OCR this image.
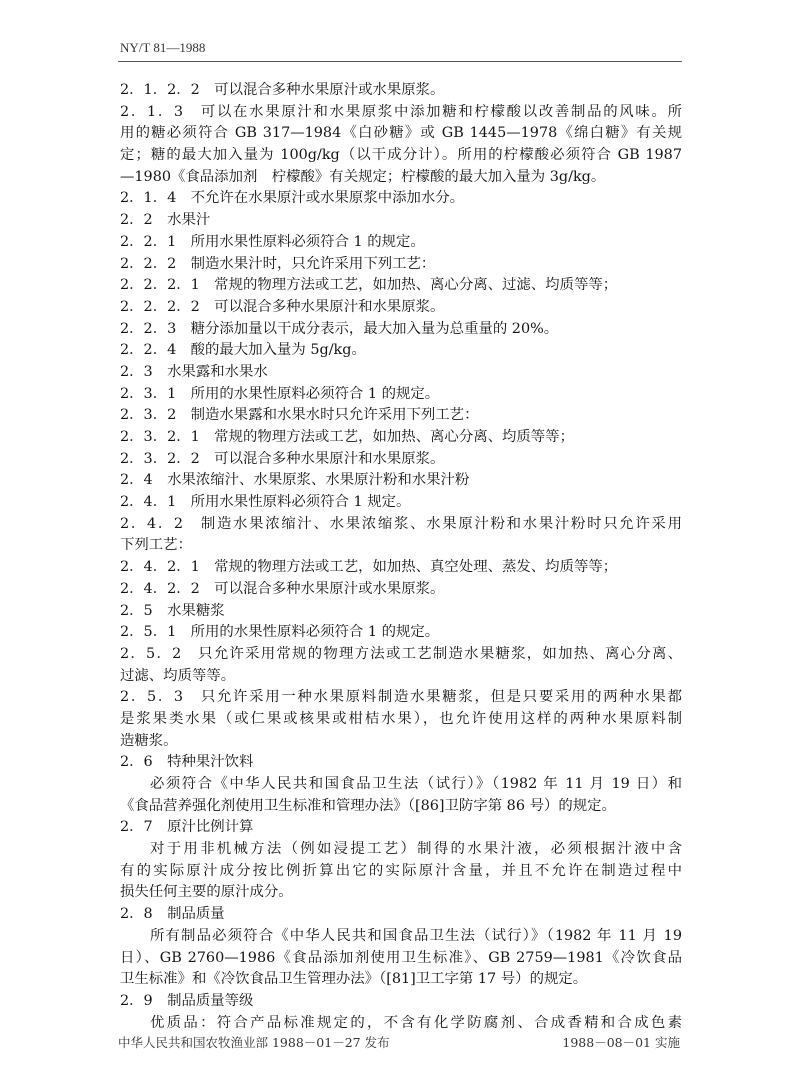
NY/T 81—1988
2．1．2．2　可以混合多种水果原汁或水果原浆。
2．1．3　可以在水果原汁和水果原浆中添加糖和柠檬酸以改善制品的风味。所
用的糖必须符合 GB 317—1984《白砂糖》或 GB 1445—1978《绵白糖》有关规
定；糖的最大加入量为 100g/kg（以干成分计）。所用的柠檬酸必须符合 GB 1987
—1980《食品添加剂　柠檬酸》有关规定；柠檬酸的最大加入量为 3g/kg。
2．1．4　不允许在水果原汁或水果原浆中添加水分。
2．2　水果汁
2．2．1　所用水果性原料必须符合 1 的规定。
2．2．2　制造水果汁时，只允许采用下列工艺：
2．2．2．1　常规的物理方法或工艺，如加热、离心分离、过滤、均质等等；
2．2．2．2　可以混合多种水果原汁和水果原浆。
2．2．3　糖分添加量以干成分表示，最大加入量为总重量的 20%。
2．2．4　酸的最大加入量为 5g/kg。
2．3　水果露和水果水
2．3．1　所用的水果性原料必须符合 1 的规定。
2．3．2　制造水果露和水果水时只允许采用下列工艺：
2．3．2．1　常规的物理方法或工艺，如加热、离心分离、均质等等；
2．3．2．2　可以混合多种水果原汁和水果原浆。
2．4　水果浓缩汁、水果原浆、水果原汁粉和水果汁粉
2．4．1　所用水果性原料必须符合 1 规定。
2．4．2　制造水果浓缩汁、水果浓缩浆、水果原汁粉和水果汁粉时只允许采用
下列工艺：
2．4．2．1　常规的物理方法或工艺，如加热、真空处理、蒸发、均质等等；
2．4．2．2　可以混合多种水果原汁或水果原浆。
2．5　水果糖浆
2．5．1　所用的水果性原料必须符合 1 的规定。
2．5．2　只允许采用常规的物理方法或工艺制造水果糖浆，如加热、离心分离、
过滤、均质等等。
2．5．3　只允许采用一种水果原料制造水果糖浆，但是只要采用的两种水果都
是浆果类水果（或仁果或核果或柑桔水果），也允许使用这样的两种水果原料制
造糖浆。
2．6　特种果汁饮料
必须符合《中华人民共和国食品卫生法（试行）》（1982 年 11 月 19 日）和
《食品营养强化剂使用卫生标准和管理办法》（[86]卫防字第 86 号）的规定。
2．7　原汁比例计算
对于用非机械方法（例如浸提工艺）制得的水果汁液，必须根据汁液中含
有的实际原汁成分按比例折算出它的实际原汁含量，并且不允许在制造过程中
损失任何主要的原汁成分。
2．8　制品质量
所有制品必须符合《中华人民共和国食品卫生法（试行）》（1982 年 11 月 19
日）、GB 2760—1986《食品添加剂使用卫生标准》、GB 2759—1981《冷饮食品
卫生标准》和《冷饮食品卫生管理办法》（[81]卫工字第 17 号）的规定。
2．9　制品质量等级
优质品：符合产品标准规定的，不含有化学防腐剂、合成香精和合成色素
中华人民共和国农牧渔业部 1988－01－27 发布	1988－08－01 实施
